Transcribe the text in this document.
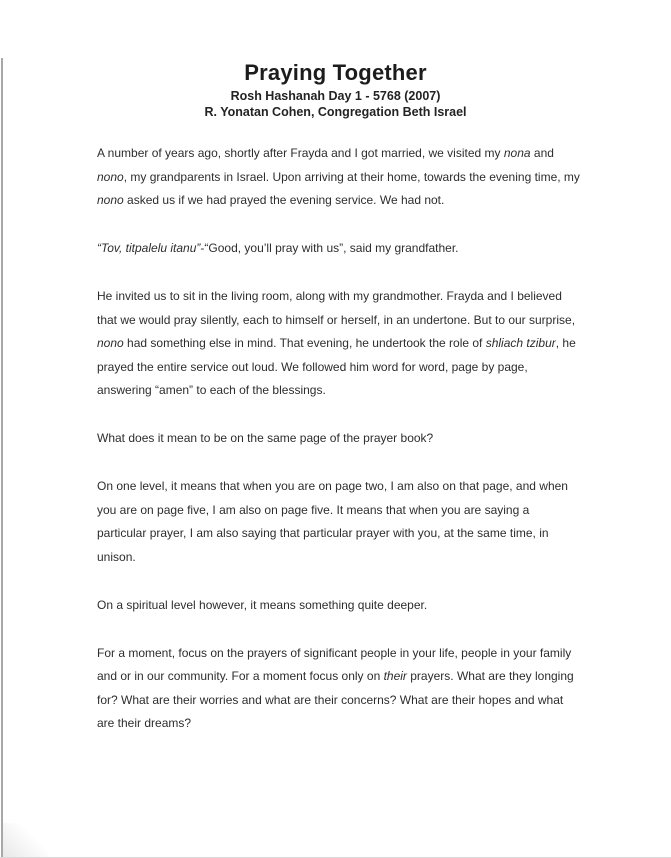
Praying Together

Rosh Hashanah Day 1 - 5768 (2007)

R. Yonatan Cohen, Congregation Beth Israel

A number of years ago, shortly after Frayda and I got married, we visited my nona and nono, my grandparents in Israel. Upon arriving at their home, towards the evening time, my nono asked us if we had prayed the evening service. We had not.

“Tov, titpalelu itanu”-“Good, you’ll pray with us”, said my grandfather.

He invited us to sit in the living room, along with my grandmother. Frayda and I believed that we would pray silently, each to himself or herself, in an undertone. But to our surprise, nono had something else in mind. That evening, he undertook the role of shliach tzibur, he prayed the entire service out loud. We followed him word for word, page by page, answering “amen” to each of the blessings.

What does it mean to be on the same page of the prayer book?

On one level, it means that when you are on page two, I am also on that page, and when you are on page five, I am also on page five. It means that when you are saying a particular prayer, I am also saying that particular prayer with you, at the same time, in unison.

On a spiritual level however, it means something quite deeper.

For a moment, focus on the prayers of significant people in your life, people in your family and or in our community. For a moment focus only on their prayers. What are they longing for? What are their worries and what are their concerns? What are their hopes and what are their dreams?
